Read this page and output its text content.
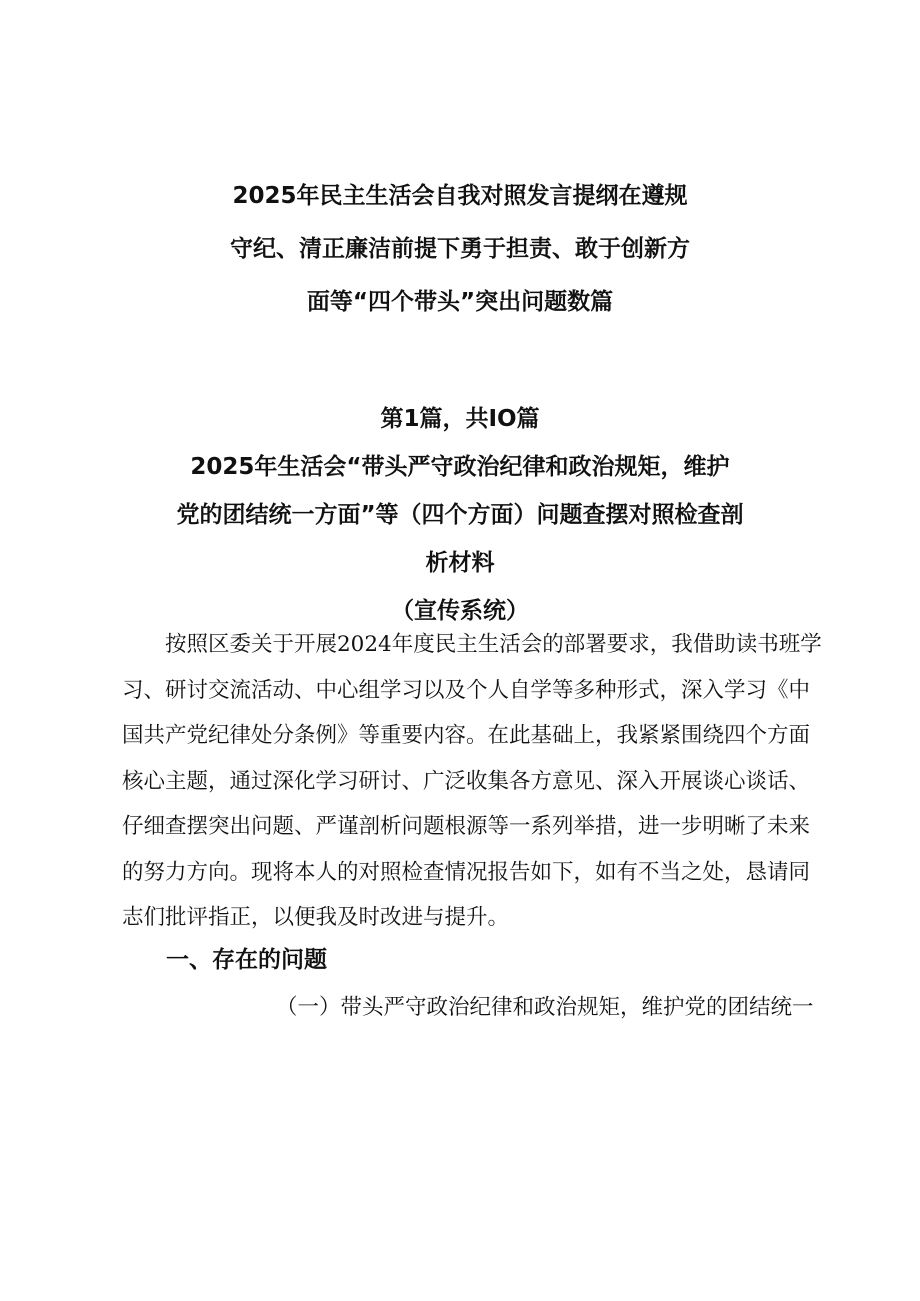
2025年民主生活会自我对照发言提纲在遵规
守纪、清正廉洁前提下勇于担责、敢于创新方
面等“四个带头”突出问题数篇
第1篇，共IO篇
2025年生活会“带头严守政治纪律和政治规矩，维护
党的团结统一方面”等（四个方面）问题查摆对照检查剖
析材料
（宣传系统）
按照区委关于开展2024年度民主生活会的部署要求，我借助读书班学
习、研讨交流活动、中心组学习以及个人自学等多种形式，深入学习《中
国共产党纪律处分条例》等重要内容。在此基础上，我紧紧围绕四个方面
核心主题，通过深化学习研讨、广泛收集各方意见、深入开展谈心谈话、
仔细查摆突出问题、严谨剖析问题根源等一系列举措，进一步明晰了未来
的努力方向。现将本人的对照检查情况报告如下，如有不当之处，恳请同
志们批评指正，以便我及时改进与提升。
一、存在的问题
（一）带头严守政治纪律和政治规矩，维护党的团结统一
